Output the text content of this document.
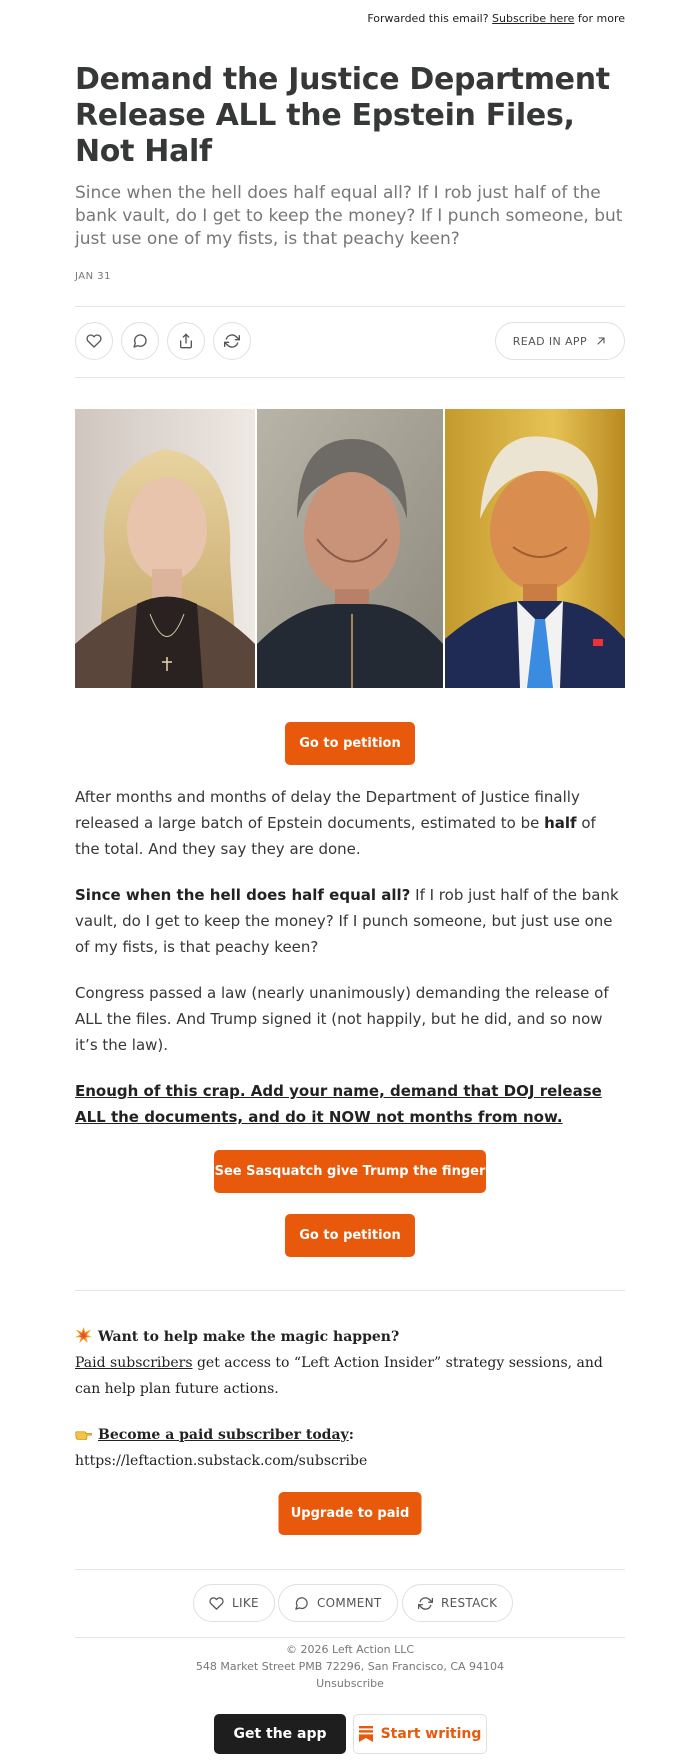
Forwarded this email? Subscribe here for more
Demand the Justice Department Release ALL the Epstein Files, Not Half
Since when the hell does half equal all? If I rob just half of the bank vault, do I get to keep the money? If I punch someone, but just use one of my fists, is that peachy keen?
JAN 31
READ IN APP
Go to petition

After months and months of delay the Department of Justice finally released a large batch of Epstein documents, estimated to be half of the total. And they say they are done.

Since when the hell does half equal all? If I rob just half of the bank vault, do I get to keep the money? If I punch someone, but just use one of my fists, is that peachy keen?

Congress passed a law (nearly unanimously) demanding the release of ALL the files. And Trump signed it (not happily, but he did, and so now it’s the law).

Enough of this crap. Add your name, demand that DOJ release ALL the documents, and do it NOW not months from now.

See Sasquatch give Trump the finger
Go to petition
Want to help make the magic happen?

Paid subscribers get access to “Left Action Insider” strategy sessions, and can help plan future actions.

Become a paid subscriber today:
https://leftaction.substack.com/subscribe
Upgrade to paid
LIKE	COMMENT	RESTACK
© 2026 Left Action LLC
548 Market Street PMB 72296, San Francisco, CA 94104
Unsubscribe
Get the app	Start writing
